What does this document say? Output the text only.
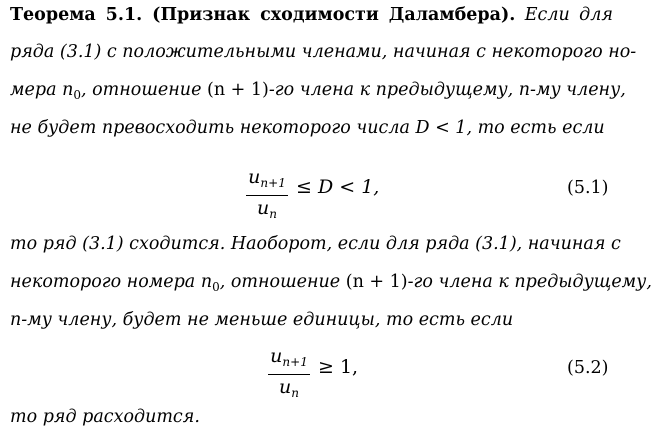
Теорема 5.1. (Признак сходимости Даламбера). Если для
ряда (3.1) с положительными членами, начиная с некоторого но-
мера $n_0$, отношение (n + 1)-го члена к предыдущему, n-му члену,
не будет превосходить некоторого числа D < 1, то есть если
$u_{n+1}$
$u_n$
≤ D < 1,	(5.1)
то ряд (3.1) сходится. Наоборот, если для ряда (3.1), начиная с
некоторого номера $n_0$, отношение (n + 1)-го члена к предыдущему,
n-му члену, будет не меньше единицы, то есть если
$u_{n+1}$
$u_n$
≥ 1,	(5.2)
то ряд расходится.
